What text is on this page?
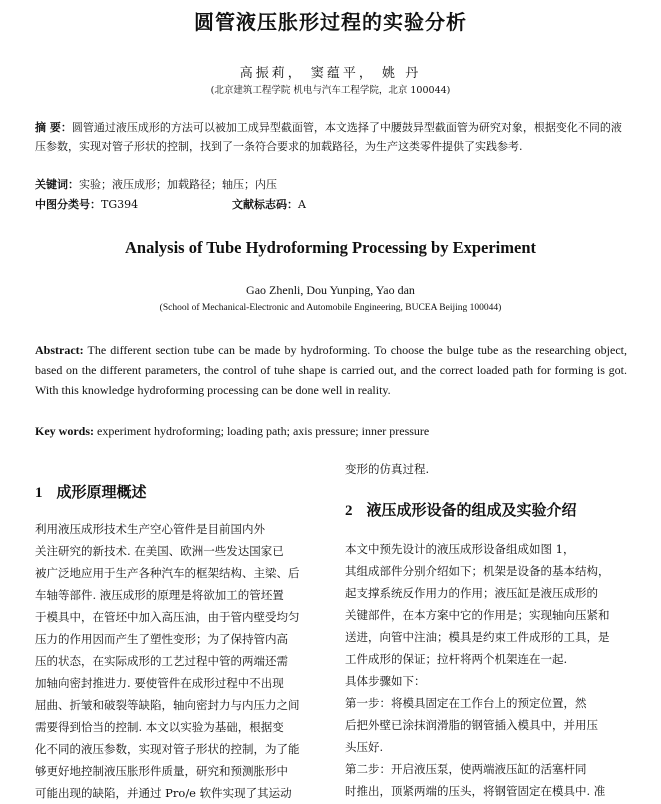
圆管液压胀形过程的实验分析
高振莉， 窦蕴平， 姚 丹
(北京建筑工程学院 机电与汽车工程学院，北京 100044)
摘 要：圆管通过液压成形的方法可以被加工成异型截面管，本文选择了中腰鼓异型截面管为研究对象，根据变化不同的液压参数，实现对管子形状的控制，找到了一条符合要求的加载路径，为生产这类零件提供了实践参考.
关键词：实验；液压成形；加载路径；轴压；内压
中图分类号：TG394	文献标志码：A
Analysis of Tube Hydroforming Processing by Experiment
Gao Zhenli, Dou Yunping, Yao dan
(School of Mechanical-Electronic and Automobile Engineering, BUCEA Beijing 100044)
Abstract: The different section tube can be made by hydroforming. To choose the bulge tube as the researching object, based on the different parameters, the control of tuhe shape is carried out, and the correct loaded path for forming is got. With this knowledge hydroforming processing can be done well in reality.
Key words: experiment hydroforming; loading path; axis pressure; inner pressure
1 成形原理概述
利用液压成形技术生产空心管件是目前国内外
关注研究的新技术. 在美国、欧洲一些发达国家已
被广泛地应用于生产各种汽车的框架结构、主梁、后
车轴等部件. 液压成形的原理是将欲加工的管坯置
于模具中，在管坯中加入高压油，由于管内壁受均匀
压力的作用因而产生了塑性变形；为了保持管内高
压的状态，在实际成形的工艺过程中管的两端还需
加轴向密封推进力. 要使管件在成形过程中不出现
屈曲、折皱和破裂等缺陷，轴向密封力与内压力之间
需要得到恰当的控制. 本文以实验为基础，根据变
化不同的液压参数，实现对管子形状的控制，为了能
够更好地控制液压胀形件质量，研究和预测胀形中
可能出现的缺陷，并通过 Pro/e 软件实现了其运动
变形的仿真过程.
2 液压成形设备的组成及实验介绍
本文中预先设计的液压成形设备组成如图 1，
其组成部件分别介绍如下；机架是设备的基本结构，
起支撑系统反作用力的作用；液压缸是液压成形的
关键部件，在本方案中它的作用是；实现轴向压紧和
送进，向管中注油；模具是约束工件成形的工具，是
工件成形的保证；拉杆将两个机架连在一起.
具体步骤如下：
第一步：将模具固定在工作台上的预定位置，然
后把外壁已涂抹润滑脂的钢管插入模具中，并用压
头压好.
第二步：开启液压泵，使两端液压缸的活塞杆同
时推出，顶紧两端的压头，将钢管固定在模具中. 准
